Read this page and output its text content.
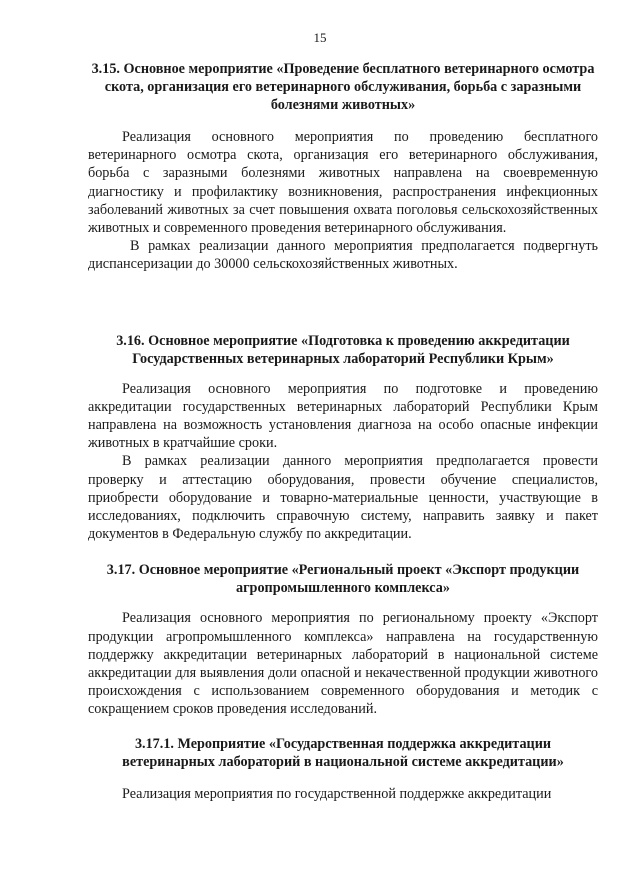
15

3.15. Основное мероприятие «Проведение бесплатного ветеринарного осмотра скота, организация его ветеринарного обслуживания, борьба с заразными болезнями животных»

Реализация основного мероприятия по проведению бесплатного ветеринарного осмотра скота, организация его ветеринарного обслуживания, борьба с заразными болезнями животных направлена на своевременную диагностику и профилактику возникновения, распространения инфекционных заболеваний животных за счет повышения охвата поголовья сельскохозяйственных животных и современного проведения ветеринарного обслуживания.

В рамках реализации данного мероприятия предполагается подвергнуть диспансеризации до 30000 сельскохозяйственных животных.

3.16. Основное мероприятие «Подготовка к проведению аккредитации Государственных ветеринарных лабораторий Республики Крым»

Реализация основного мероприятия по подготовке и проведению аккредитации государственных ветеринарных лабораторий Республики Крым направлена на возможность установления диагноза на особо опасные инфекции животных в кратчайшие сроки.

В рамках реализации данного мероприятия предполагается провести проверку и аттестацию оборудования, провести обучение специалистов, приобрести оборудование и товарно-материальные ценности, участвующие в исследованиях, подключить справочную систему, направить заявку и пакет документов в Федеральную службу по аккредитации.

3.17. Основное мероприятие «Региональный проект «Экспорт продукции агропромышленного комплекса»

Реализация основного мероприятия по региональному проекту «Экспорт продукции агропромышленного комплекса» направлена на государственную поддержку аккредитации ветеринарных лабораторий в национальной системе аккредитации для выявления доли опасной и некачественной продукции животного происхождения с использованием современного оборудования и методик с сокращением сроков проведения исследований.

3.17.1. Мероприятие «Государственная поддержка аккредитации ветеринарных лабораторий в национальной системе аккредитации»

Реализация мероприятия по государственной поддержке аккредитации
